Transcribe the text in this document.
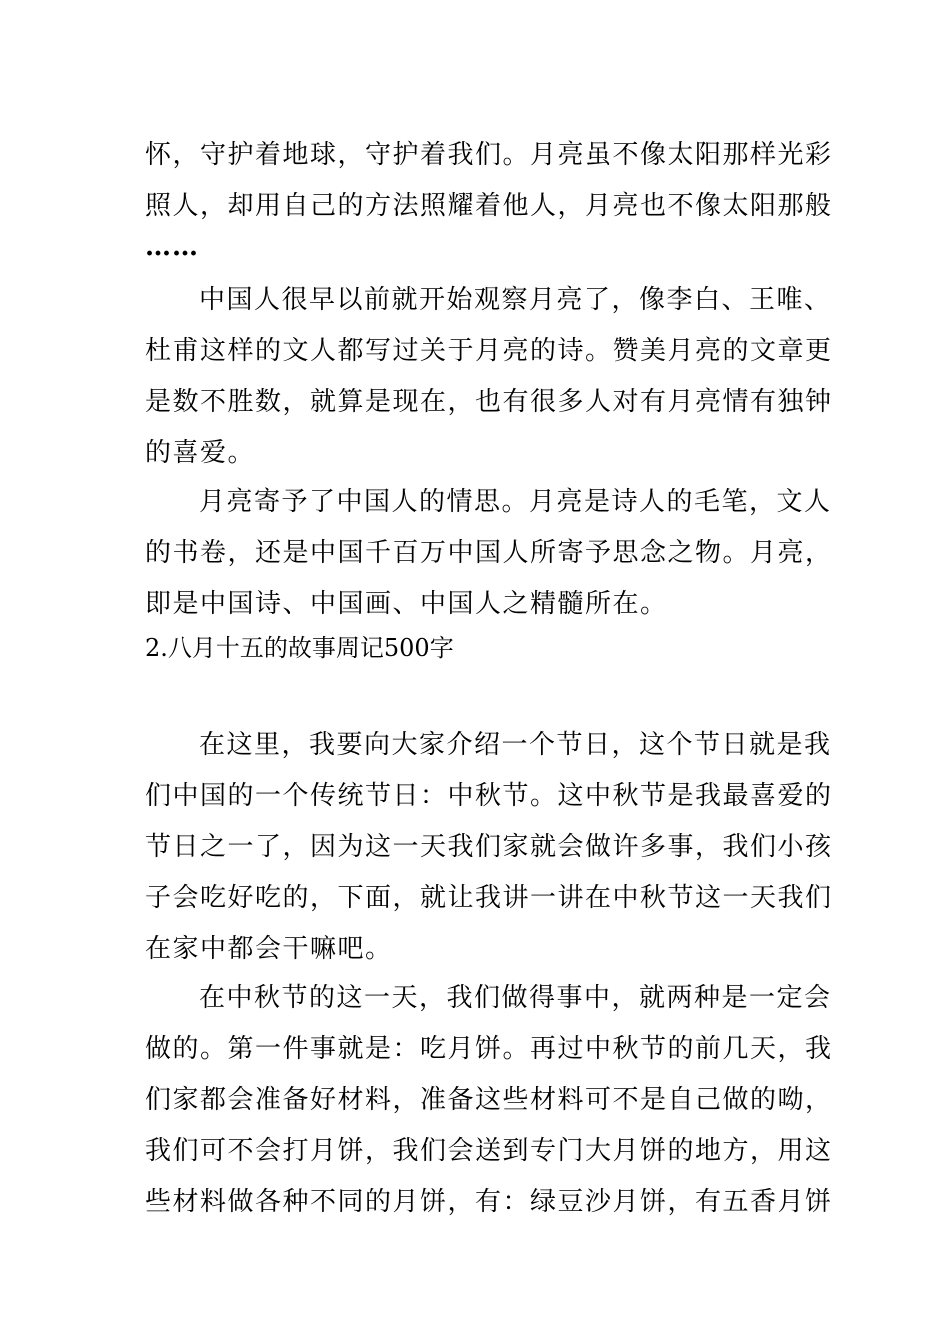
怀，守护着地球，守护着我们。月亮虽不像太阳那样光彩
照人，却用自己的方法照耀着他人，月亮也不像太阳那般
……
中国人很早以前就开始观察月亮了，像李白、王唯、
杜甫这样的文人都写过关于月亮的诗。赞美月亮的文章更
是数不胜数，就算是现在，也有很多人对有月亮情有独钟
的喜爱。
月亮寄予了中国人的情思。月亮是诗人的毛笔，文人
的书卷，还是中国千百万中国人所寄予思念之物。月亮，
即是中国诗、中国画、中国人之精髓所在。
2.八月十五的故事周记500字
在这里，我要向大家介绍一个节日，这个节日就是我
们中国的一个传统节日：中秋节。这中秋节是我最喜爱的
节日之一了，因为这一天我们家就会做许多事，我们小孩
子会吃好吃的，下面，就让我讲一讲在中秋节这一天我们
在家中都会干嘛吧。
在中秋节的这一天，我们做得事中，就两种是一定会
做的。第一件事就是：吃月饼。再过中秋节的前几天，我
们家都会准备好材料，准备这些材料可不是自己做的呦，
我们可不会打月饼，我们会送到专门大月饼的地方，用这
些材料做各种不同的月饼，有：绿豆沙月饼，有五香月饼
